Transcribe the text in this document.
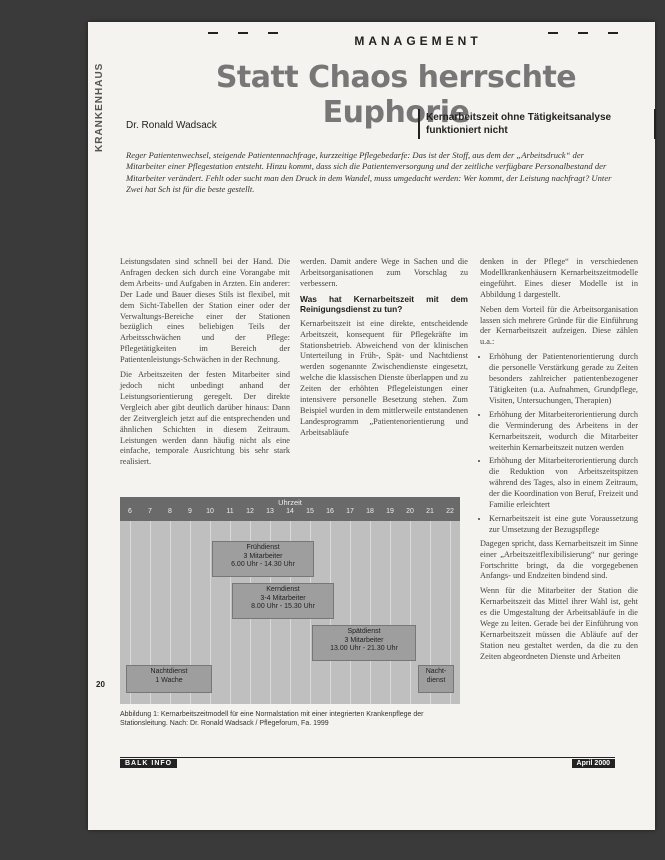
MANAGEMENT
KRANKENHAUS	Statt Chaos herrschte Euphorie
Dr. Ronald Wadsack
Kernarbeitszeit ohne Tätigkeitsanalyse funktioniert nicht
Reger Patientenwechsel, steigende Patientennachfrage, kurzzeitige Pflegebedarfe: Das ist der Stoff, aus dem der „Arbeitsdruck“ der Mitarbeiter einer Pflegestation entsteht. Hinzu kommt, dass sich die Patientenversorgung und der zeitliche verfügbare Personalbestand der Mitarbeiter verändert. Fehlt oder sucht man den Druck in dem Wandel, muss umgedacht werden: Wer kommt, der Leistung nachfragt? Unter Zwei hat Sch ist für die beste gestellt.

Leistungsdaten sind schnell bei der Hand. Die Anfragen decken sich durch eine Vorangabe mit dem Arbeits- und Aufgaben in Arzten. Ein anderer: Der Lade und Bauer dieses Stils ist flexibel, mit dem Sicht-Tabellen der Station einer oder der Verwaltungs-Bereiche einer der Stationen bezüglich eines beliebigen Teils der Arbeitsschwächen und der Pflege: Pflegetätigkeiten im Bereich der Patientenleistungs-Schwächen in der Rechnung.

Die Arbeitszeiten der festen Mitarbeiter sind jedoch nicht unbedingt anhand der Leistungsorientierung geregelt. Der direkte Vergleich aber gibt deutlich darüber hinaus: Dann der Zeitvergleich jetzt auf die entsprechenden und ähnlichen Schichten in diesem Zeitraum. Leistungen werden dann häufig nicht als eine einfache, temporale Ausrichtung bis sehr stark realisiert.

werden. Damit andere Wege in Sachen und die Arbeitsorganisationen zum Vorschlag zu verbessern.

Was hat Kernarbeitszeit mit dem Reinigungsdienst zu tun?

Kernarbeitszeit ist eine direkte, entscheidende Arbeitszeit, konsequent für Pflegekräfte im Stationsbetrieb. Abweichend von der klinischen Unterteilung in Früh-, Spät- und Nachtdienst werden sogenannte Zwischendienste eingesetzt, welche die klassischen Dienste überlappen und zu Zeiten der erhöhten Pflegeleistungen einer intensivere personelle Besetzung stehen. Zum Beispiel wurden in dem mittlerweile entstandenen Landesprogramm „Patientenorientierung und Arbeitsabläufe

denken in der Pflege“ in verschiedenen Modellkrankenhäusern Kernarbeitszeitmodelle eingeführt. Eines dieser Modelle ist in Abbildung 1 dargestellt.

Neben dem Vorteil für die Arbeitsorganisation lassen sich mehrere Gründe für die Einführung der Kernarbeitszeit aufzeigen. Diese zählen u.a.:

• Erhöhung der Patientenorientierung durch die personelle Verstärkung gerade zu Zeiten besonders zahlreicher patientenbezogener Tätigkeiten (u.a. Aufnahmen, Grundpflege, Visiten, Untersuchungen, Therapien)
• Erhöhung der Mitarbeiterorientierung durch die Verminderung des Arbeitens in der Kernarbeitszeit, wodurch die Mitarbeiter weiterhin Kernarbeitszeit nutzen werden
• Erhöhung der Mitarbeiterorientierung durch die Reduktion von Arbeitszeitspitzen während des Tages, also in einem Zeitraum, der die Koordination von Beruf, Freizeit und Familie erleichtert
• Kernarbeitszeit ist eine gute Voraussetzung zur Umsetzung der Bezugspflege

Dagegen spricht, dass Kernarbeitszeit im Sinne einer „Arbeitszeitflexibilisierung“ nur geringe Fortschritte bringt, da die vorgegebenen Anfangs- und Endzeiten bindend sind.

Wenn für die Mitarbeiter der Station die Kernarbeitszeit das Mittel ihrer Wahl ist, geht es die Umgestaltung der Arbeitsabläufe in die Wege zu leiten. Gerade bei der Einführung von Kernarbeitszeit müssen die Abläufe auf der Station neu gestaltet werden, da die zu den Zeiten abgeordneten Dienste und Arbeiten

Uhrzeit
6 7 8 9 10 11 12 13 14 15 16 17 18 19 20 21 22
Frühdienst
3 Mitarbeiter
6.00 Uhr - 14.30 Uhr
Kerndienst
3-4 Mitarbeiter
8.00 Uhr - 15.30 Uhr
Spätdienst
3 Mitarbeiter
13.00 Uhr - 21.30 Uhr
Nachtdienst
1 Wache
Nacht-
dienst
Abbildung 1: Kernarbeitszeitmodell für eine Normalstation mit einer integrierten Krankenpflege der Stationsleitung. Nach: Dr. Ronald Wadsack / Pflegeforum, Fa. 1999
20
BALK INFO	April 2000
